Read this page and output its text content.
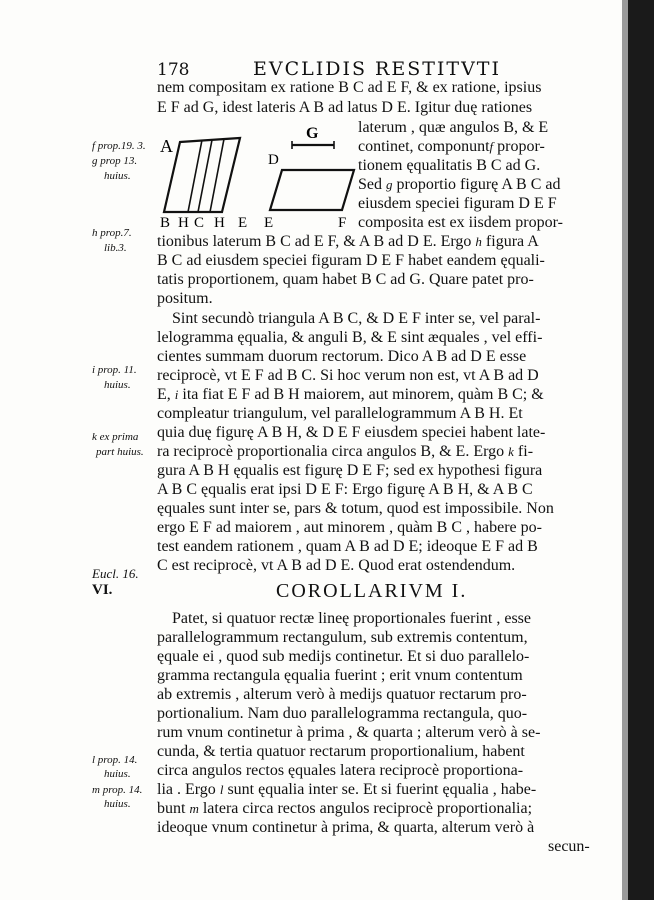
178	EVCLIDIS RESTITVTI
A
G
D
B H C H E E	F
f prop.19. 3.
g prop 13.
huius.
h prop.7.
lib.3.
i prop. 11.
huius.
k ex prima
part huius.
Eucl. 16.
VI.
l prop. 14.
huius.
m prop. 14.
huius.
nem compositam ex ratione B C ad E F, & ex ratione, ipsius
E F ad G, idest lateris A B ad latus D E. Igitur duę rationes
laterum , quæ angulos B, & E
continet, componuntf propor-
tionem ęqualitatis B C ad G.
Sed g proportio figurę A B C ad
eiusdem speciei figuram D E F
composita est ex iisdem propor-
tionibus laterum B C ad E F, & A B ad D E. Ergo h figura A
B C ad eiusdem speciei figuram D E F habet eandem ęquali-
tatis proportionem, quam habet B C ad G. Quare patet pro-
positum.
Sint secundò triangula A B C, & D E F inter se, vel paral-
lelogramma ęqualia, & anguli B, & E sint æquales , vel effi-
cientes summam duorum rectorum. Dico A B ad D E esse
reciprocè, vt E F ad B C. Si hoc verum non est, vt A B ad D
E, i ita fiat E F ad B H maiorem, aut minorem, quàm B C; &
compleatur triangulum, vel parallelogrammum A B H. Et
quia duę figurę A B H, & D E F eiusdem speciei habent late-
ra reciprocè proportionalia circa angulos B, & E. Ergo k fi-
gura A B H ęqualis est figurę D E F; sed ex hypothesi figura
A B C ęqualis erat ipsi D E F: Ergo figurę A B H, & A B C
ęquales sunt inter se, pars & totum, quod est impossibile. Non
ergo E F ad maiorem , aut minorem , quàm B C , habere po-
test eandem rationem , quam A B ad D E; ideoque E F ad B
C est reciprocè, vt A B ad D E. Quod erat ostendendum.
COROLLARIVM I.
Patet, si quatuor rectæ lineę proportionales fuerint , esse
parallelogrammum rectangulum, sub extremis contentum,
ęquale ei , quod sub medijs continetur. Et si duo parallelo-
gramma rectangula ęqualia fuerint ; erit vnum contentum
ab extremis , alterum verò à medijs quatuor rectarum pro-
portionalium. Nam duo parallelogramma rectangula, quo-
rum vnum continetur à prima , & quarta ; alterum verò à se-
cunda, & tertia quatuor rectarum proportionalium, habent
circa angulos rectos ęquales latera reciprocè proportiona-
lia . Ergo l sunt ęqualia inter se. Et si fuerint ęqualia , habe-
bunt m latera circa rectos angulos reciprocè proportionalia;
ideoque vnum continetur à prima, & quarta, alterum verò à
secun-
